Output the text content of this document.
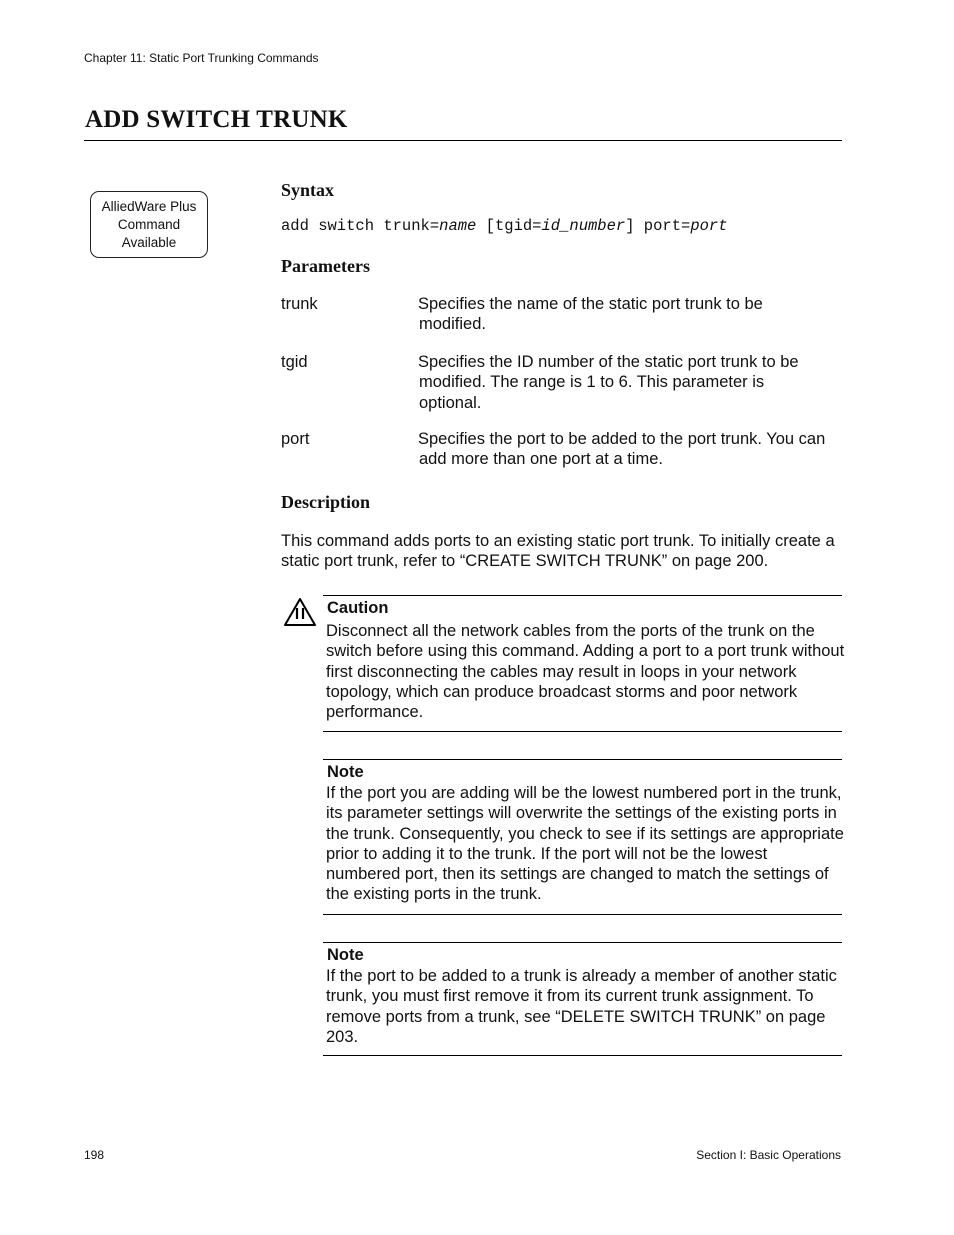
Chapter 11: Static Port Trunking Commands
ADD SWITCH TRUNK
AlliedWare Plus
Command
Available
Syntax
add switch trunk=name [tgid=id_number] port=port
Parameters
trunk	Specifies the name of the static port trunk to be
modified.
tgid	Specifies the ID number of the static port trunk to be
modified. The range is 1 to 6. This parameter is optional.
port	Specifies the port to be added to the port trunk. You can
add more than one port at a time.
Description
This command adds ports to an existing static port trunk. To initially create a static port trunk, refer to “CREATE SWITCH TRUNK” on page 200.
Caution
Disconnect all the network cables from the ports of the trunk on the switch before using this command. Adding a port to a port trunk without first disconnecting the cables may result in loops in your network topology, which can produce broadcast storms and poor network performance.
Note
If the port you are adding will be the lowest numbered port in the trunk, its parameter settings will overwrite the settings of the existing ports in the trunk. Consequently, you check to see if its settings are appropriate prior to adding it to the trunk. If the port will not be the lowest numbered port, then its settings are changed to match the settings of the existing ports in the trunk.
Note
If the port to be added to a trunk is already a member of another static trunk, you must first remove it from its current trunk assignment. To remove ports from a trunk, see “DELETE SWITCH TRUNK” on page 203.
198	Section I: Basic Operations
